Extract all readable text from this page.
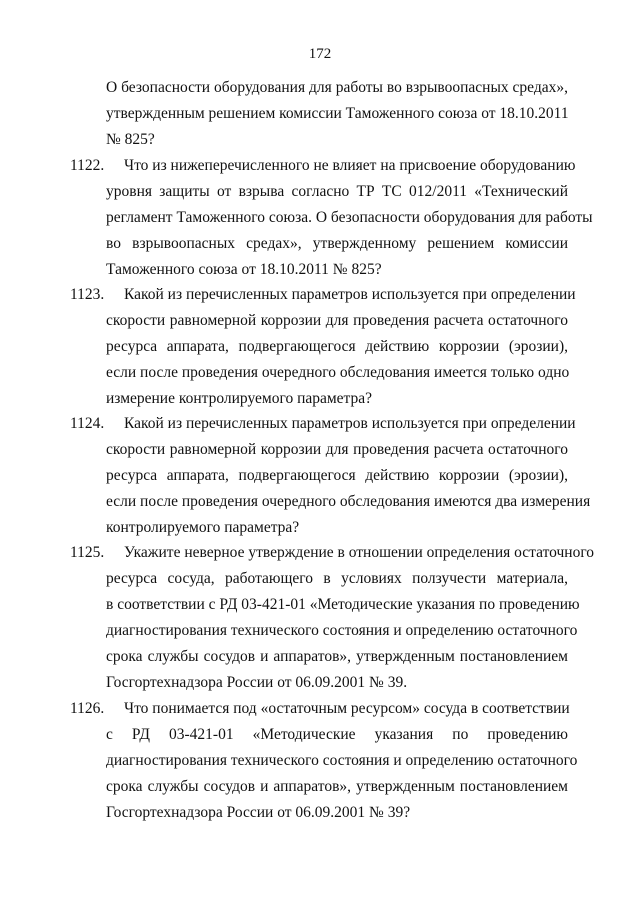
172
О безопасности оборудования для работы во взрывоопасных средах»,
утвержденным решением комиссии Таможенного союза от 18.10.2011
№ 825?
1122. Что из нижеперечисленного не влияет на присвоение оборудованию
уровня защиты от взрыва согласно ТР ТС 012/2011 «Технический
регламент Таможенного союза. О безопасности оборудования для работы
во взрывоопасных средах», утвержденному решением комиссии
Таможенного союза от 18.10.2011 № 825?
1123. Какой из перечисленных параметров используется при определении
скорости равномерной коррозии для проведения расчета остаточного
ресурса аппарата, подвергающегося действию коррозии (эрозии),
если после проведения очередного обследования имеется только одно
измерение контролируемого параметра?
1124. Какой из перечисленных параметров используется при определении
скорости равномерной коррозии для проведения расчета остаточного
ресурса аппарата, подвергающегося действию коррозии (эрозии),
если после проведения очередного обследования имеются два измерения
контролируемого параметра?
1125. Укажите неверное утверждение в отношении определения остаточного
ресурса сосуда, работающего в условиях ползучести материала,
в соответствии с РД 03-421-01 «Методические указания по проведению
диагностирования технического состояния и определению остаточного
срока службы сосудов и аппаратов», утвержденным постановлением
Госгортехнадзора России от 06.09.2001 № 39.
1126. Что понимается под «остаточным ресурсом» сосуда в соответствии
с РД 03-421-01 «Методические указания по проведению
диагностирования технического состояния и определению остаточного
срока службы сосудов и аппаратов», утвержденным постановлением
Госгортехнадзора России от 06.09.2001 № 39?
